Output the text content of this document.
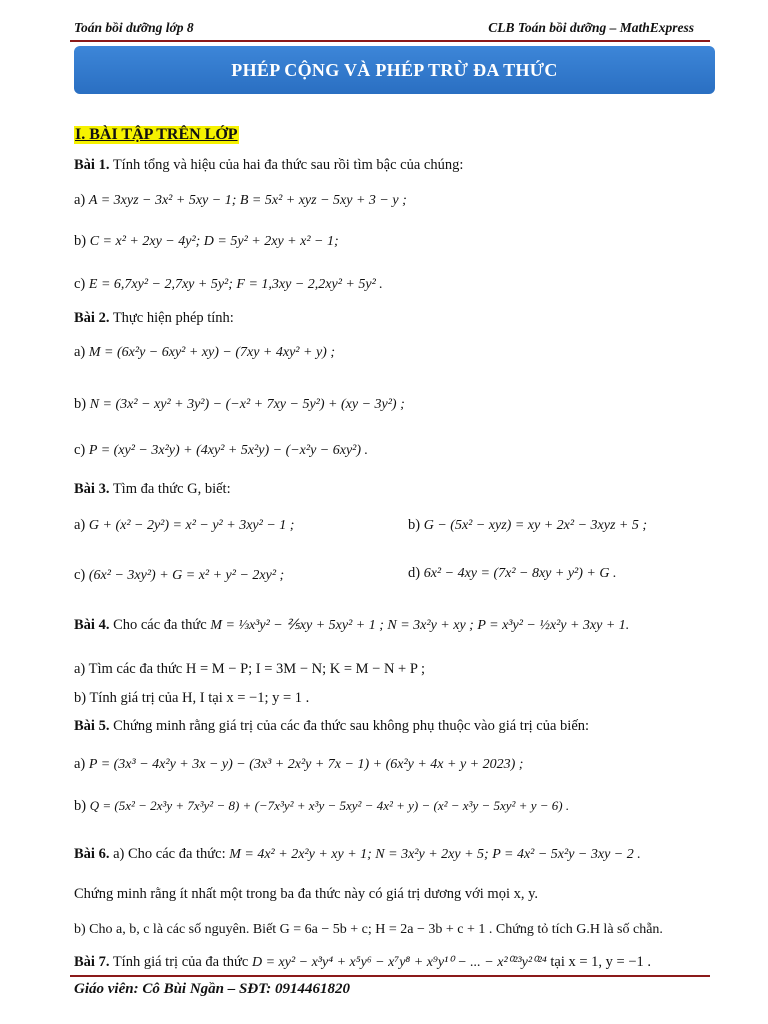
Toán bồi dưỡng lớp 8	CLB Toán bồi dưỡng – MathExpress
PHÉP CỘNG VÀ PHÉP TRỪ ĐA THỨC
I. BÀI TẬP TRÊN LỚP
Bài 1. Tính tổng và hiệu của hai đa thức sau rồi tìm bậc của chúng:
a) A = 3xyz − 3x² + 5xy − 1; B = 5x² + xyz − 5xy + 3 − y ;
b) C = x² + 2xy − 4y²; D = 5y² + 2xy + x² − 1;
c) E = 6,7xy² − 2,7xy + 5y²; F = 1,3xy − 2,2xy² + 5y² .
Bài 2. Thực hiện phép tính:
a) M = (6x²y − 6xy² + xy) − (7xy + 4xy² + y) ;
b) N = (3x² − xy² + 3y²) − (−x² + 7xy − 5y²) + (xy − 3y²) ;
c) P = (xy² − 3x²y) + (4xy² + 5x²y) − (−x²y − 6xy²) .
Bài 3. Tìm đa thức G, biết:
a) G + (x² − 2y²) = x² − y² + 3xy² − 1 ;	b) G − (5x² − xyz) = xy + 2x² − 3xyz + 5 ;
c) (6x² − 3xy²) + G = x² + y² − 2xy² ;	d) 6x² − 4xy = (7x² − 8xy + y²) + G .
Bài 4. Cho các đa thức M = ⅓x³y² − ⅖xy + 5xy² + 1 ; N = 3x²y + xy ; P = x³y² − ½x²y + 3xy + 1.
a) Tìm các đa thức H = M − P; I = 3M − N; K = M − N + P ;
b) Tính giá trị của H, I tại x = −1; y = 1 .
Bài 5. Chứng minh rằng giá trị của các đa thức sau không phụ thuộc vào giá trị của biến:
a) P = (3x³ − 4x²y + 3x − y) − (3x³ + 2x²y + 7x − 1) + (6x²y + 4x + y + 2023) ;
b) Q = (5x² − 2x³y + 7x³y² − 8) + (−7x³y² + x³y − 5xy² − 4x² + y) − (x² − x³y − 5xy² + y − 6) .
Bài 6. a) Cho các đa thức: M = 4x² + 2x²y + xy + 1; N = 3x²y + 2xy + 5; P = 4x² − 5x²y − 3xy − 2 .
Chứng minh rằng ít nhất một trong ba đa thức này có giá trị dương với mọi x, y.
b) Cho a, b, c là các số nguyên. Biết G = 6a − 5b + c; H = 2a − 3b + c + 1 . Chứng tỏ tích G.H là số chẵn.
Bài 7. Tính giá trị của đa thức D = xy² − x³y⁴ + x⁵y⁶ − x⁷y⁸ + x⁹y¹⁰ − ... − x²⁰²³y²⁰²⁴ tại x = 1, y = −1 .
Giáo viên: Cô Bùi Ngần – SĐT: 0914461820
